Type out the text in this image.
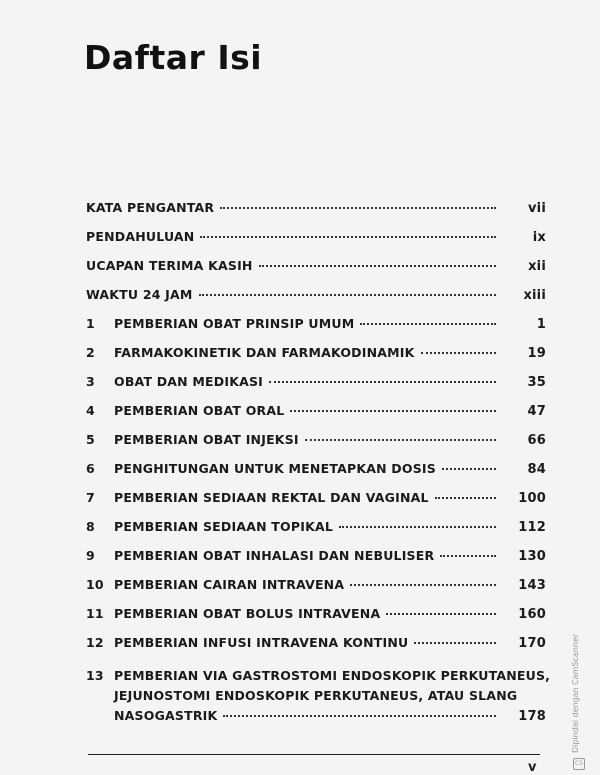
Daftar Isi
KATA PENGANTAR	vii
PENDAHULUAN	ix
UCAPAN TERIMA KASIH	xii
WAKTU 24 JAM	xiii
1	PEMBERIAN OBAT PRINSIP UMUM	1
2	FARMAKOKINETIK DAN FARMAKODINAMIK	19
3	OBAT DAN MEDIKASI	35
4	PEMBERIAN OBAT ORAL	47
5	PEMBERIAN OBAT INJEKSI	66
6	PENGHITUNGAN UNTUK MENETAPKAN DOSIS	84
7	PEMBERIAN SEDIAAN REKTAL DAN VAGINAL	100
8	PEMBERIAN SEDIAAN TOPIKAL	112
9	PEMBERIAN OBAT INHALASI DAN NEBULISER	130
10 PEMBERIAN CAIRAN INTRAVENA	143
11 PEMBERIAN OBAT BOLUS INTRAVENA	160
12 PEMBERIAN INFUSI INTRAVENA KONTINU	170
13 PEMBERIAN VIA GASTROSTOMI ENDOSKOPIK PERKUTANEUS,
JEJUNOSTOMI ENDOSKOPIK PERKUTANEUS, ATAU SLANG
NASOGASTRIK	178
v
Dipindai dengan CamScanner
CS
